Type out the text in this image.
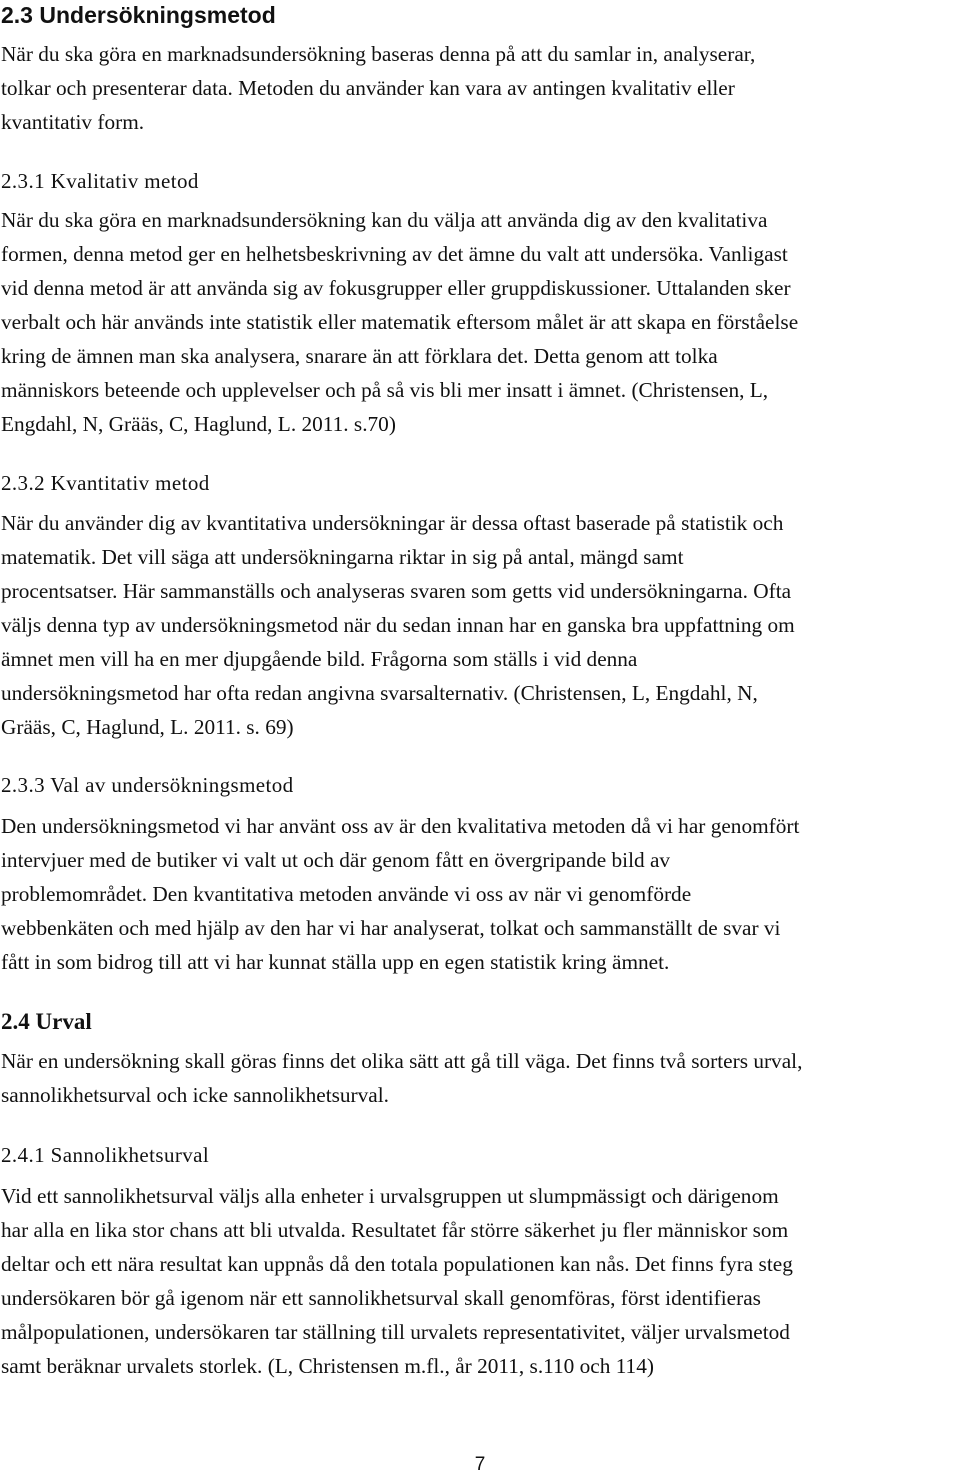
2.3 Undersökningsmetod
När du ska göra en marknadsundersökning baseras denna på att du samlar in, analyserar,
tolkar och presenterar data. Metoden du använder kan vara av antingen kvalitativ eller
kvantitativ form.
2.3.1 Kvalitativ metod
När du ska göra en marknadsundersökning kan du välja att använda dig av den kvalitativa
formen, denna metod ger en helhetsbeskrivning av det ämne du valt att undersöka. Vanligast
vid denna metod är att använda sig av fokusgrupper eller gruppdiskussioner. Uttalanden sker
verbalt och här används inte statistik eller matematik eftersom målet är att skapa en förståelse
kring de ämnen man ska analysera, snarare än att förklara det. Detta genom att tolka
människors beteende och upplevelser och på så vis bli mer insatt i ämnet. (Christensen, L,
Engdahl, N, Grääs, C, Haglund, L. 2011. s.70)
2.3.2 Kvantitativ metod
När du använder dig av kvantitativa undersökningar är dessa oftast baserade på statistik och
matematik. Det vill säga att undersökningarna riktar in sig på antal, mängd samt
procentsatser. Här sammanställs och analyseras svaren som getts vid undersökningarna. Ofta
väljs denna typ av undersökningsmetod när du sedan innan har en ganska bra uppfattning om
ämnet men vill ha en mer djupgående bild. Frågorna som ställs i vid denna
undersökningsmetod har ofta redan angivna svarsalternativ. (Christensen, L, Engdahl, N,
Grääs, C, Haglund, L. 2011. s. 69)
2.3.3 Val av undersökningsmetod
Den undersökningsmetod vi har använt oss av är den kvalitativa metoden då vi har genomfört
intervjuer med de butiker vi valt ut och där genom fått en övergripande bild av
problemområdet. Den kvantitativa metoden använde vi oss av när vi genomförde
webbenkäten och med hjälp av den har vi har analyserat, tolkat och sammanställt de svar vi
fått in som bidrog till att vi har kunnat ställa upp en egen statistik kring ämnet.
2.4 Urval
När en undersökning skall göras finns det olika sätt att gå till väga. Det finns två sorters urval,
sannolikhetsurval och icke sannolikhetsurval.
2.4.1 Sannolikhetsurval
Vid ett sannolikhetsurval väljs alla enheter i urvalsgruppen ut slumpmässigt och därigenom
har alla en lika stor chans att bli utvalda. Resultatet får större säkerhet ju fler människor som
deltar och ett nära resultat kan uppnås då den totala populationen kan nås. Det finns fyra steg
undersökaren bör gå igenom när ett sannolikhetsurval skall genomföras, först identifieras
målpopulationen, undersökaren tar ställning till urvalets representativitet, väljer urvalsmetod
samt beräknar urvalets storlek. (L, Christensen m.fl., år 2011, s.110 och 114)
7
